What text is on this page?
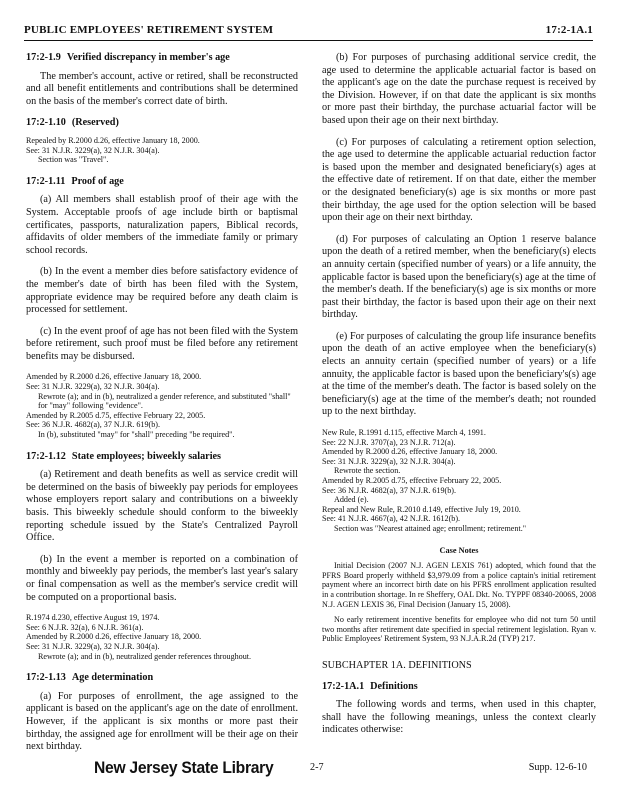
PUBLIC EMPLOYEES' RETIREMENT SYSTEM	17:2-1A.1
17:2-1.9 Verified discrepancy in member's age

The member's account, active or retired, shall be reconstructed and all benefit entitlements and contributions shall be determined on the basis of the member's correct date of birth.

17:2-1.10 (Reserved)
Repealed by R.2000 d.26, effective January 18, 2000.
See: 31 N.J.R. 3229(a), 32 N.J.R. 304(a).
Section was "Travel".
17:2-1.11 Proof of age

(a) All members shall establish proof of their age with the System. Acceptable proofs of age include birth or baptismal certificates, passports, naturalization papers, Biblical records, affidavits of older members of the immediate family or primary school records.

(b) In the event a member dies before satisfactory evidence of the member's date of birth has been filed with the System, appropriate evidence may be required before any death claim is processed for settlement.

(c) In the event proof of age has not been filed with the System before retirement, such proof must be filed before any retirement benefits may be disbursed.

Amended by R.2000 d.26, effective January 18, 2000.
See: 31 N.J.R. 3229(a), 32 N.J.R. 304(a).
Rewrote (a); and in (b), neutralized a gender reference, and substituted "shall" for "may" following "evidence".
Amended by R.2005 d.75, effective February 22, 2005.
See: 36 N.J.R. 4682(a), 37 N.J.R. 619(b).
In (b), substituted "may" for "shall" preceding "be required".
17:2-1.12 State employees; biweekly salaries

(a) Retirement and death benefits as well as service credit will be determined on the basis of biweekly pay periods for employees whose employers report salary and contributions on a biweekly basis. This biweekly schedule should conform to the biweekly reporting schedule issued by the State's Centralized Payroll Office.

(b) In the event a member is reported on a combination of monthly and biweekly pay periods, the member's last year's salary or final compensation as well as the member's service credit will be computed on a proportional basis.

R.1974 d.230, effective August 19, 1974.
See: 6 N.J.R. 32(a), 6 N.J.R. 361(a).
Amended by R.2000 d.26, effective January 18, 2000.
See: 31 N.J.R. 3229(a), 32 N.J.R. 304(a).
Rewrote (a); and in (b), neutralized gender references throughout.
17:2-1.13 Age determination

(a) For purposes of enrollment, the age assigned to the applicant is based on the applicant's age on the date of enrollment. However, if the applicant is six months or more past their birthday, the assigned age for enrollment will be their age on their next birthday.

(b) For purposes of purchasing additional service credit, the age used to determine the applicable actuarial factor is based on the applicant's age on the date the purchase request is received by the Division. However, if on that date the applicant is six months or more past their birthday, the purchase actuarial factor will be based upon their age on their next birthday.

(c) For purposes of calculating a retirement option selection, the age used to determine the applicable actuarial reduction factor is based upon the member and designated beneficiary(s) ages at the effective date of retirement. If on that date, either the member or the designated beneficiary(s) age is six months or more past their birthday, the age used for the option selection will be based upon their age on their next birthday.

(d) For purposes of calculating an Option 1 reserve balance upon the death of a retired member, when the beneficiary(s) elects an annuity certain (specified number of years) or a life annuity, the applicable factor is based upon the beneficiary(s) age at the time of the member's death. If the beneficiary(s) age is six months or more past their birthday, the factor is based upon their age on their next birthday.

(e) For purposes of calculating the group life insurance benefits upon the death of an active employee when the beneficiary(s) elects an annuity certain (specified number of years) or a life annuity, the applicable factor is based upon the beneficiary's(s) age at the time of the member's death. The factor is based solely on the beneficiary(s) age at the time of the member's death; not rounded up to the next birthday.

New Rule, R.1991 d.115, effective March 4, 1991.
See: 22 N.J.R. 3707(a), 23 N.J.R. 712(a).
Amended by R.2000 d.26, effective January 18, 2000.
See: 31 N.J.R. 3229(a), 32 N.J.R. 304(a).
Rewrote the section.
Amended by R.2005 d.75, effective February 22, 2005.
See: 36 N.J.R. 4682(a), 37 N.J.R. 619(b).
Added (e).
Repeal and New Rule, R.2010 d.149, effective July 19, 2010.
See: 41 N.J.R. 4667(a), 42 N.J.R. 1612(b).
Section was "Nearest attained age; enrollment; retirement."
Case Notes
Initial Decision (2007 N.J. AGEN LEXIS 761) adopted, which found that the PFRS Board properly withheld $3,979.09 from a police captain's initial retirement payment where an incorrect birth date on his PFRS enrollment application resulted in a contribution shortage. In re Sheffery, OAL Dkt. No. TYPPF 08340-2006S, 2008 N.J. AGEN LEXIS 36, Final Decision (January 15, 2008).
No early retirement incentive benefits for employee who did not turn 50 until two months after retirement date specified in special retirement legislation. Ryan v. Public Employees' Retirement System, 93 N.J.A.R.2d (TYP) 217.
SUBCHAPTER 1A. DEFINITIONS
17:2-1A.1 Definitions

The following words and terms, when used in this chapter, shall have the following meanings, unless the context clearly indicates otherwise:

New Jersey State Library	2-7	Supp. 12-6-10
